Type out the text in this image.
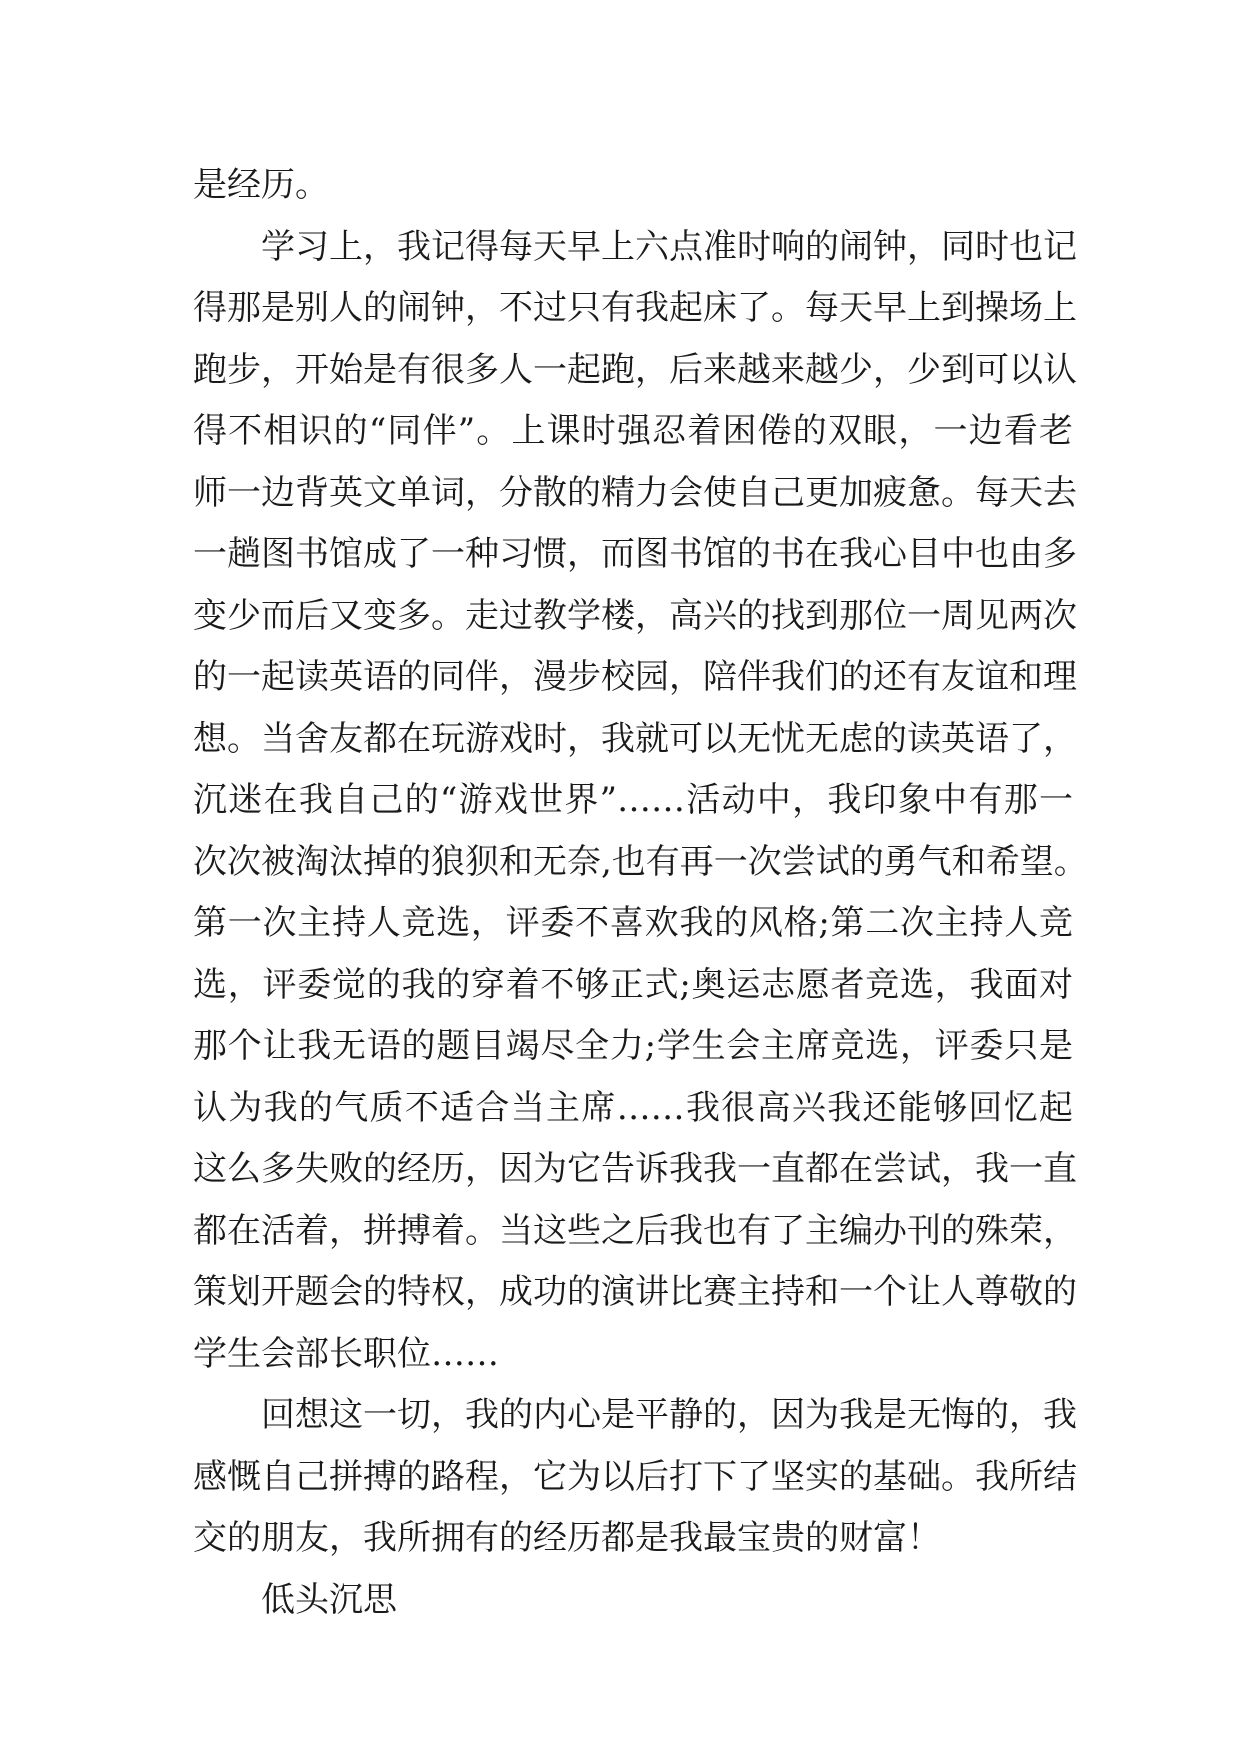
是经历。
学习上，我记得每天早上六点准时响的闹钟，同时也记
得那是别人的闹钟，不过只有我起床了。每天早上到操场上
跑步，开始是有很多人一起跑，后来越来越少，少到可以认
得不相识的“同伴”。上课时强忍着困倦的双眼，一边看老
师一边背英文单词，分散的精力会使自己更加疲惫。每天去
一趟图书馆成了一种习惯，而图书馆的书在我心目中也由多
变少而后又变多。走过教学楼，高兴的找到那位一周见两次
的一起读英语的同伴，漫步校园，陪伴我们的还有友谊和理
想。当舍友都在玩游戏时，我就可以无忧无虑的读英语了，
沉迷在我自己的“游戏世界”……活动中，我印象中有那一
次次被淘汰掉的狼狈和无奈,也有再一次尝试的勇气和希望。
第一次主持人竞选，评委不喜欢我的风格;第二次主持人竞
选，评委觉的我的穿着不够正式;奥运志愿者竞选，我面对
那个让我无语的题目竭尽全力;学生会主席竞选，评委只是
认为我的气质不适合当主席……我很高兴我还能够回忆起
这么多失败的经历，因为它告诉我我一直都在尝试，我一直
都在活着，拼搏着。当这些之后我也有了主编办刊的殊荣，
策划开题会的特权，成功的演讲比赛主持和一个让人尊敬的
学生会部长职位……
回想这一切，我的内心是平静的，因为我是无悔的，我
感慨自己拼搏的路程，它为以后打下了坚实的基础。我所结
交的朋友，我所拥有的经历都是我最宝贵的财富！
低头沉思
